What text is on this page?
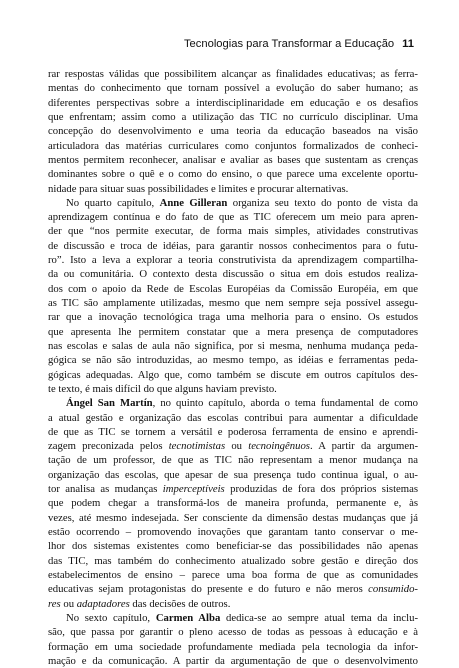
Tecnologias para Transformar a Educação 11
rar respostas válidas que possibilitem alcançar as finalidades educativas; as ferra-
mentas do conhecimento que tornam possível a evolução do saber humano; as
diferentes perspectivas sobre a interdisciplinaridade em educação e os desafios
que enfrentam; assim como a utilização das TIC no currículo disciplinar. Uma
concepção do desenvolvimento e uma teoria da educação baseados na visão
articuladora das matérias curriculares como conjuntos formalizados de conheci-
mentos permitem reconhecer, analisar e avaliar as bases que sustentam as crenças
dominantes sobre o quê e o como do ensino, o que parece uma excelente oportu-
nidade para situar suas possibilidades e limites e procurar alternativas.
No quarto capítulo, Anne Gilleran organiza seu texto do ponto de vista da
aprendizagem contínua e do fato de que as TIC oferecem um meio para apren-
der que “nos permite executar, de forma mais simples, atividades construtivas
de discussão e troca de idéias, para garantir nossos conhecimentos para o futu-
ro”. Isto a leva a explorar a teoria construtivista da aprendizagem compartilha-
da ou comunitária. O contexto desta discussão o situa em dois estudos realiza-
dos com o apoio da Rede de Escolas Européias da Comissão Européia, em que
as TIC são amplamente utilizadas, mesmo que nem sempre seja possível assegu-
rar que a inovação tecnológica traga uma melhoria para o ensino. Os estudos
que apresenta lhe permitem constatar que a mera presença de computadores
nas escolas e salas de aula não significa, por si mesma, nenhuma mudança peda-
gógica se não são introduzidas, ao mesmo tempo, as idéias e ferramentas peda-
gógicas adequadas. Algo que, como também se discute em outros capítulos des-
te texto, é mais difícil do que alguns haviam previsto.
Ángel San Martín, no quinto capítulo, aborda o tema fundamental de como
a atual gestão e organização das escolas contribui para aumentar a dificuldade
de que as TIC se tornem a versátil e poderosa ferramenta de ensino e aprendi-
zagem preconizada pelos tecnotimistas ou tecnoingênuos. A partir da argumen-
tação de um professor, de que as TIC não representam a menor mudança na
organização das escolas, que apesar de sua presença tudo continua igual, o au-
tor analisa as mudanças imperceptíveis produzidas de fora dos próprios sistemas
que podem chegar a transformá-los de maneira profunda, permanente e, às
vezes, até mesmo indesejada. Ser consciente da dimensão destas mudanças que já
estão ocorrendo – promovendo inovações que garantam tanto conservar o me-
lhor dos sistemas existentes como beneficiar-se das possibilidades não apenas
das TIC, mas também do conhecimento atualizado sobre gestão e direção dos
estabelecimentos de ensino – parece uma boa forma de que as comunidades
educativas sejam protagonistas do presente e do futuro e não meros consumido-
res ou adaptadores das decisões de outros.
No sexto capítulo, Carmen Alba dedica-se ao sempre atual tema da inclu-
são, que passa por garantir o pleno acesso de todas as pessoas à educação e à
formação em uma sociedade profundamente mediada pela tecnologia da infor-
mação e da comunicação. A partir da argumentação de que o desenvolvimento
